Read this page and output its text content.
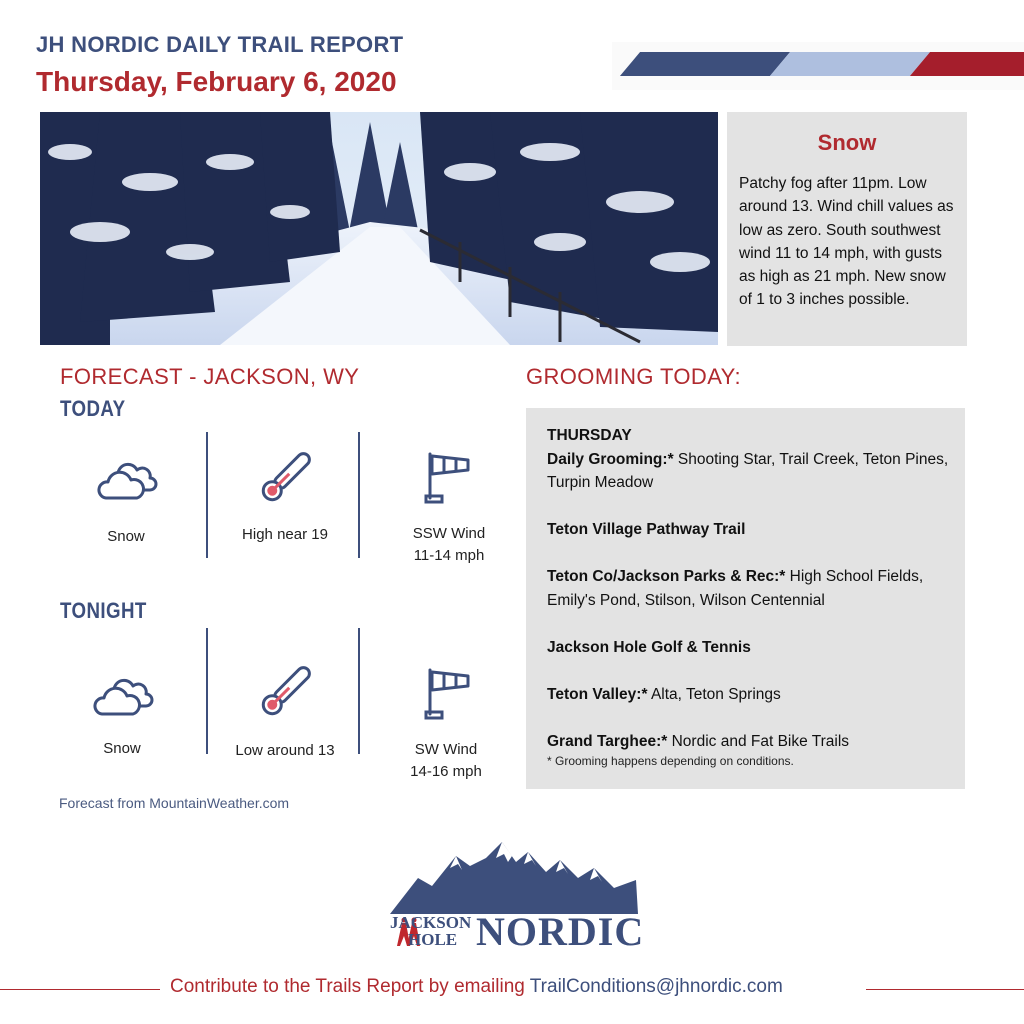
JH NORDIC DAILY TRAIL REPORT
Thursday, February 6, 2020
Snow
Patchy fog after 11pm. Low around 13. Wind chill values as low as zero. South southwest wind 11 to 14 mph, with gusts as high as 21 mph. New snow of 1 to 3 inches possible.
FORECAST - JACKSON, WY	GROOMING TODAY:
TODAY
Snow	High near 19	SSW Wind
11-14 mph
TONIGHT
Snow	Low around 13	SW Wind
14-16 mph
Forecast from MountainWeather.com
THURSDAY
Daily Grooming:* Shooting Star, Trail Creek, Teton Pines, Turpin Meadow
Teton Village Pathway Trail
Teton Co/Jackson Parks & Rec:* High School Fields, Emily's Pond, Stilson, Wilson Centennial
Jackson Hole Golf & Tennis
Teton Valley:* Alta, Teton Springs
Grand Targhee:* Nordic and Fat Bike Trails
* Grooming happens depending on conditions.
JACKSON
HOLE NORDIC
Contribute to the Trails Report by emailing TrailConditions@jhnordic.com
